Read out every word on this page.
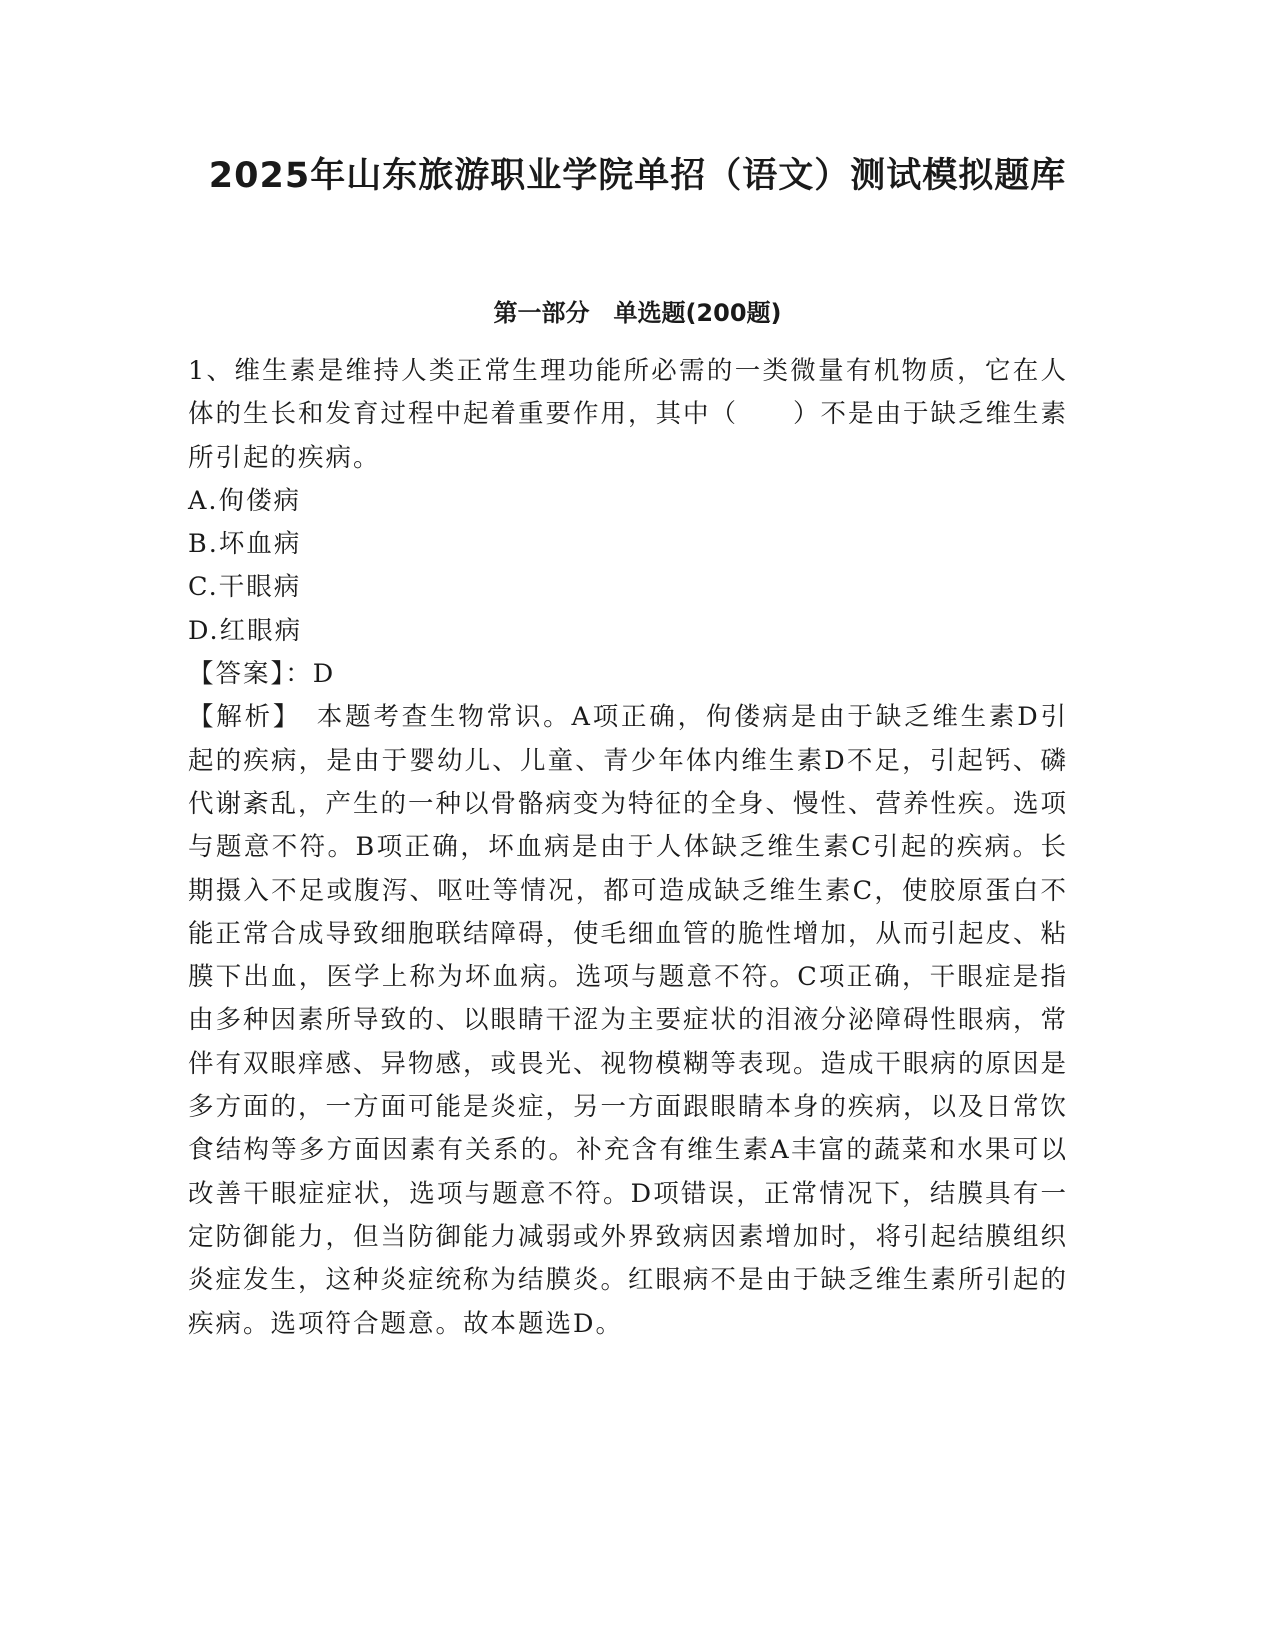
2025年山东旅游职业学院单招（语文）测试模拟题库
第一部分　单选题(200题)

1、维生素是维持人类正常生理功能所必需的一类微量有机物质，它在人体的生长和发育过程中起着重要作用，其中（　　）不是由于缺乏维生素所引起的疾病。

A.佝偻病

B.坏血病

C.干眼病

D.红眼病

【答案】：D

【解析】　本题考查生物常识。A项正确，佝偻病是由于缺乏维生素D引起的疾病，是由于婴幼儿、儿童、青少年体内维生素D不足，引起钙、磷代谢紊乱，产生的一种以骨骼病变为特征的全身、慢性、营养性疾。选项与题意不符。B项正确，坏血病是由于人体缺乏维生素C引起的疾病。长期摄入不足或腹泻、呕吐等情况，都可造成缺乏维生素C，使胶原蛋白不能正常合成导致细胞联结障碍，使毛细血管的脆性增加，从而引起皮、粘膜下出血，医学上称为坏血病。选项与题意不符。C项正确，干眼症是指由多种因素所导致的、以眼睛干涩为主要症状的泪液分泌障碍性眼病，常伴有双眼痒感、异物感，或畏光、视物模糊等表现。造成干眼病的原因是多方面的，一方面可能是炎症，另一方面跟眼睛本身的疾病，以及日常饮食结构等多方面因素有关系的。补充含有维生素A丰富的蔬菜和水果可以改善干眼症症状，选项与题意不符。D项错误，正常情况下，结膜具有一定防御能力，但当防御能力减弱或外界致病因素增加时，将引起结膜组织炎症发生，这种炎症统称为结膜炎。红眼病不是由于缺乏维生素所引起的疾病。选项符合题意。故本题选D。
